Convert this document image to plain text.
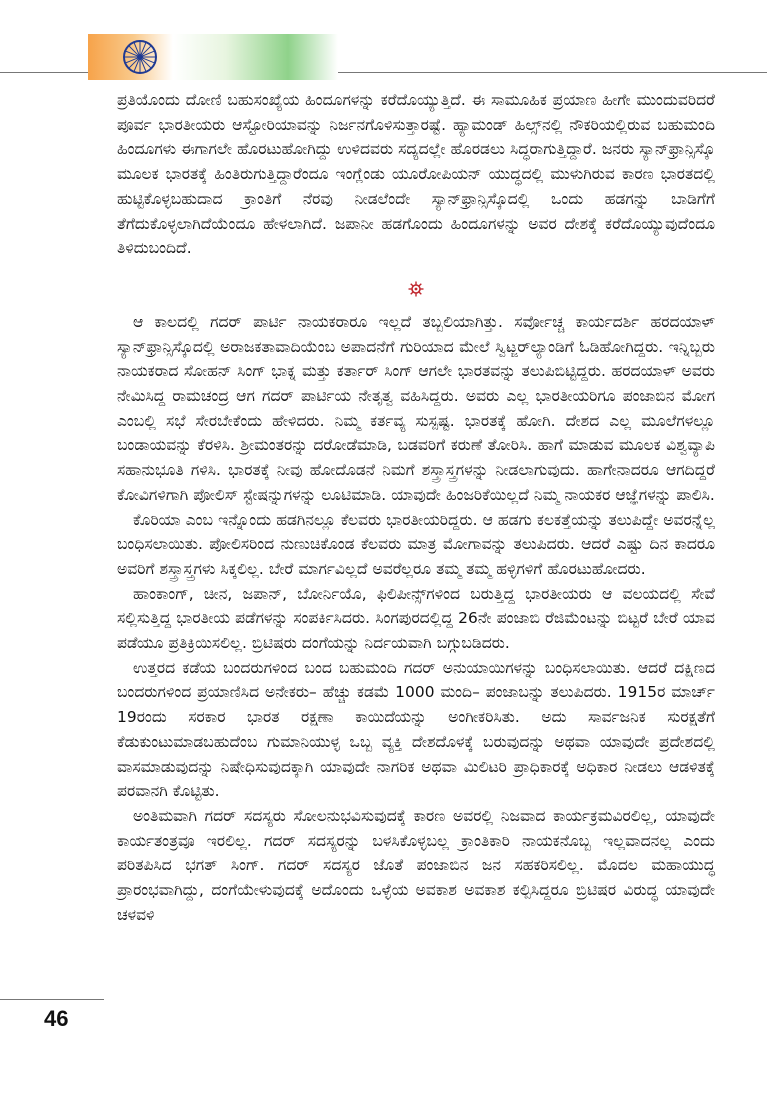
ಪ್ರತಿಯೊಂದು ದೋಣಿ ಬಹುಸಂಖ್ಯೆಯ ಹಿಂದೂಗಳನ್ನು ಕರೆದೊಯ್ಯುತ್ತಿದೆ. ಈ ಸಾಮೂಹಿಕ ಪ್ರಯಾಣ ಹೀಗೇ ಮುಂದುವರಿದರೆ ಪೂರ್ವ ಭಾರತೀಯರು ಆಸ್ಟೋರಿಯಾವನ್ನು ನಿರ್ಜನಗೊಳಿಸುತ್ತಾರಷ್ಟೆ. ಹ್ಯಾಮಂಡ್ ಹಿಲ್ಸ್‌ನಲ್ಲಿ ನೌಕರಿಯಲ್ಲಿರುವ ಬಹುಮಂದಿ ಹಿಂದೂಗಳು ಈಗಾಗಲೇ ಹೊರಟುಹೋಗಿದ್ದು ಉಳಿದವರು ಸದ್ಯದಲ್ಲೇ ಹೊರಡಲು ಸಿದ್ಧರಾಗುತ್ತಿದ್ದಾರೆ. ಜನರು ಸ್ಯಾನ್‌ಫ್ರಾನ್ಸಿಸ್ಕೊ ಮೂಲಕ ಭಾರತಕ್ಕೆ ಹಿಂತಿರುಗುತ್ತಿದ್ದಾರೆಂದೂ ಇಂಗ್ಲೆಂಡು ಯೂರೋಪಿಯನ್ ಯುದ್ಧದಲ್ಲಿ ಮುಳುಗಿರುವ ಕಾರಣ ಭಾರತದಲ್ಲಿ ಹುಟ್ಟಿಕೊಳ್ಳಬಹುದಾದ ಕ್ರಾಂತಿಗೆ ನೆರವು ನೀಡಲೆಂದೇ ಸ್ಯಾನ್‌ಫ್ರಾನ್ಸಿಸ್ಕೊದಲ್ಲಿ ಒಂದು ಹಡಗನ್ನು ಬಾಡಿಗೆಗೆ ತೆಗೆದುಕೊಳ್ಳಲಾಗಿದೆಯೆಂದೂ ಹೇಳಲಾಗಿದೆ. ಜಪಾನೀ ಹಡಗೊಂದು ಹಿಂದೂಗಳನ್ನು ಅವರ ದೇಶಕ್ಕೆ ಕರೆದೊಯ್ಯುವುದೆಂದೂ ತಿಳಿದುಬಂದಿದೆ.

ಆ ಕಾಲದಲ್ಲಿ ಗದರ್ ಪಾರ್ಟಿ ನಾಯಕರಾರೂ ಇಲ್ಲದೆ ತಬ್ಬಲಿಯಾಗಿತ್ತು. ಸರ್ವೋಚ್ಚ ಕಾರ್ಯದರ್ಶಿ ಹರದಯಾಳ್ ಸ್ಯಾನ್‌ಫ್ರಾನ್ಸಿಸ್ಕೊದಲ್ಲಿ ಅರಾಜಕತಾವಾದಿಯೆಂಬ ಅಪಾದನೆಗೆ ಗುರಿಯಾದ ಮೇಲೆ ಸ್ವಿಟ್ಜರ್‌ಲ್ಯಾಂಡಿಗೆ ಓಡಿಹೋಗಿದ್ದರು. ಇನ್ನಿಬ್ಬರು ನಾಯಕರಾದ ಸೋಹನ್ ಸಿಂಗ್ ಭಾಕ್ನ ಮತ್ತು ಕರ್ತಾರ್ ಸಿಂಗ್ ಆಗಲೇ ಭಾರತವನ್ನು ತಲುಪಿಬಿಟ್ಟಿದ್ದರು. ಹರದಯಾಳ್ ಅವರು ನೇಮಿಸಿದ್ದ ರಾಮಚಂದ್ರ ಆಗ ಗದರ್ ಪಾರ್ಟಿಯ ನೇತೃತ್ವ ವಹಿಸಿದ್ದರು. ಅವರು ಎಲ್ಲ ಭಾರತೀಯರಿಗೂ ಪಂಜಾಬಿನ ಮೋಗ ಎಂಬಲ್ಲಿ ಸಭೆ ಸೇರಬೇಕೆಂದು ಹೇಳಿದರು. ನಿಮ್ಮ ಕರ್ತವ್ಯ ಸುಸ್ಪಷ್ಟ. ಭಾರತಕ್ಕೆ ಹೋಗಿ. ದೇಶದ ಎಲ್ಲ ಮೂಲೆಗಳಲ್ಲೂ ಬಂಡಾಯವನ್ನು ಕೆರಳಿಸಿ. ಶ್ರೀಮಂತರನ್ನು ದರೋಡೆಮಾಡಿ, ಬಡವರಿಗೆ ಕರುಣೆ ತೋರಿಸಿ. ಹಾಗೆ ಮಾಡುವ ಮೂಲಕ ವಿಶ್ವವ್ಯಾಪಿ ಸಹಾನುಭೂತಿ ಗಳಿಸಿ. ಭಾರತಕ್ಕೆ ನೀವು ಹೋದೊಡನೆ ನಿಮಗೆ ಶಸ್ತ್ರಾಸ್ತ್ರಗಳನ್ನು ನೀಡಲಾಗುವುದು. ಹಾಗೇನಾದರೂ ಆಗದಿದ್ದರೆ ಕೋವಿಗಳಿಗಾಗಿ ಪೋಲಿಸ್ ಸ್ಟೇಷನ್ನುಗಳನ್ನು ಲೂಟಿಮಾಡಿ. ಯಾವುದೇ ಹಿಂಜರಿಕೆಯಿಲ್ಲದೆ ನಿಮ್ಮ ನಾಯಕರ ಆಜ್ಞೆಗಳನ್ನು ಪಾಲಿಸಿ.

ಕೊರಿಯಾ ಎಂಬ ಇನ್ನೊಂದು ಹಡಗಿನಲ್ಲೂ ಕೆಲವರು ಭಾರತೀಯರಿದ್ದರು. ಆ ಹಡಗು ಕಲಕತ್ತೆಯನ್ನು ತಲುಪಿದ್ದೇ ಅವರನ್ನೆಲ್ಲ ಬಂಧಿಸಲಾಯಿತು. ಪೋಲಿಸರಿಂದ ನುಣುಚಿಕೊಂಡ ಕೆಲವರು ಮಾತ್ರ ಮೋಗಾವನ್ನು ತಲುಪಿದರು. ಆದರೆ ಎಷ್ಟು ದಿನ ಕಾದರೂ ಅವರಿಗೆ ಶಸ್ತ್ರಾಸ್ತ್ರಗಳು ಸಿಕ್ಕಲಿಲ್ಲ. ಬೇರೆ ಮಾರ್ಗವಿಲ್ಲದೆ ಅವರೆಲ್ಲರೂ ತಮ್ಮ ತಮ್ಮ ಹಳ್ಳಿಗಳಿಗೆ ಹೊರಟುಹೋದರು.

ಹಾಂಕಾಂಗ್, ಚೀನ, ಜಪಾನ್, ಬೋರ್ನಿಯೊ, ಫಿಲಿಪೀನ್ಸ್‌ಗಳಿಂದ ಬರುತ್ತಿದ್ದ ಭಾರತೀಯರು ಆ ವಲಯದಲ್ಲಿ ಸೇವೆ ಸಲ್ಲಿಸುತ್ತಿದ್ದ ಭಾರತೀಯ ಪಡೆಗಳನ್ನು ಸಂಪರ್ಕಿಸಿದರು. ಸಿಂಗಪುರದಲ್ಲಿದ್ದ 26ನೇ ಪಂಜಾಬಿ ರೆಜಿಮೆಂಟನ್ನು ಬಿಟ್ಟರೆ ಬೇರೆ ಯಾವ ಪಡೆಯೂ ಪ್ರತಿಕ್ರಿಯಿಸಲಿಲ್ಲ. ಬ್ರಿಟಿಷರು ದಂಗೆಯನ್ನು ನಿರ್ದಯವಾಗಿ ಬಗ್ಗುಬಡಿದರು.

ಉತ್ತರದ ಕಡೆಯ ಬಂದರುಗಳಿಂದ ಬಂದ ಬಹುಮಂದಿ ಗದರ್ ಅನುಯಾಯಿಗಳನ್ನು ಬಂಧಿಸಲಾಯಿತು. ಆದರೆ ದಕ್ಷಿಣದ ಬಂದರುಗಳಿಂದ ಪ್ರಯಾಣಿಸಿದ ಅನೇಕರು– ಹೆಚ್ಚು ಕಡಮೆ 1000 ಮಂದಿ– ಪಂಜಾಬನ್ನು ತಲುಪಿದರು. 1915ರ ಮಾರ್ಚ್ 19ರಂದು ಸರಕಾರ ಭಾರತ ರಕ್ಷಣಾ ಕಾಯಿದೆಯನ್ನು ಅಂಗೀಕರಿಸಿತು. ಅದು ಸಾರ್ವಜನಿಕ ಸುರಕ್ಷತೆಗೆ ಕೆಡುಕುಂಟುಮಾಡಬಹುದೆಂಬ ಗುಮಾನಿಯುಳ್ಳ ಒಬ್ಬ ವ್ಯಕ್ತಿ ದೇಶದೊಳಕ್ಕೆ ಬರುವುದನ್ನು ಅಥವಾ ಯಾವುದೇ ಪ್ರದೇಶದಲ್ಲಿ ವಾಸಮಾಡುವುದನ್ನು ನಿಷೇಧಿಸುವುದಕ್ಕಾಗಿ ಯಾವುದೇ ನಾಗರಿಕ ಅಥವಾ ಮಿಲಿಟರಿ ಪ್ರಾಧಿಕಾರಕ್ಕೆ ಅಧಿಕಾರ ನೀಡಲು ಆಡಳಿತಕ್ಕೆ ಪರವಾನಗಿ ಕೊಟ್ಟಿತು.

ಅಂತಿಮವಾಗಿ ಗದರ್ ಸದಸ್ಯರು ಸೋಲನುಭವಿಸುವುದಕ್ಕೆ ಕಾರಣ ಅವರಲ್ಲಿ ನಿಜವಾದ ಕಾರ್ಯಕ್ರಮವಿರಲಿಲ್ಲ, ಯಾವುದೇ ಕಾರ್ಯತಂತ್ರವೂ ಇರಲಿಲ್ಲ. ಗದರ್ ಸದಸ್ಯರನ್ನು ಬಳಸಿಕೊಳ್ಳಬಲ್ಲ ಕ್ರಾಂತಿಕಾರಿ ನಾಯಕನೊಬ್ಬ ಇಲ್ಲವಾದನಲ್ಲ ಎಂದು ಪರಿತಪಿಸಿದ ಭಗತ್ ಸಿಂಗ್. ಗದರ್ ಸದಸ್ಯರ ಜೊತೆ ಪಂಜಾಬಿನ ಜನ ಸಹಕರಿಸಲಿಲ್ಲ. ಮೊದಲ ಮಹಾಯುದ್ಧ ಪ್ರಾರಂಭವಾಗಿದ್ದು, ದಂಗೆಯೇಳುವುದಕ್ಕೆ ಅದೊಂದು ಒಳ್ಳೆಯ ಅವಕಾಶ ಅವಕಾಶ ಕಲ್ಪಿಸಿದ್ದರೂ ಬ್ರಿಟಿಷರ ವಿರುದ್ಧ ಯಾವುದೇ ಚಳವಳಿ

46
